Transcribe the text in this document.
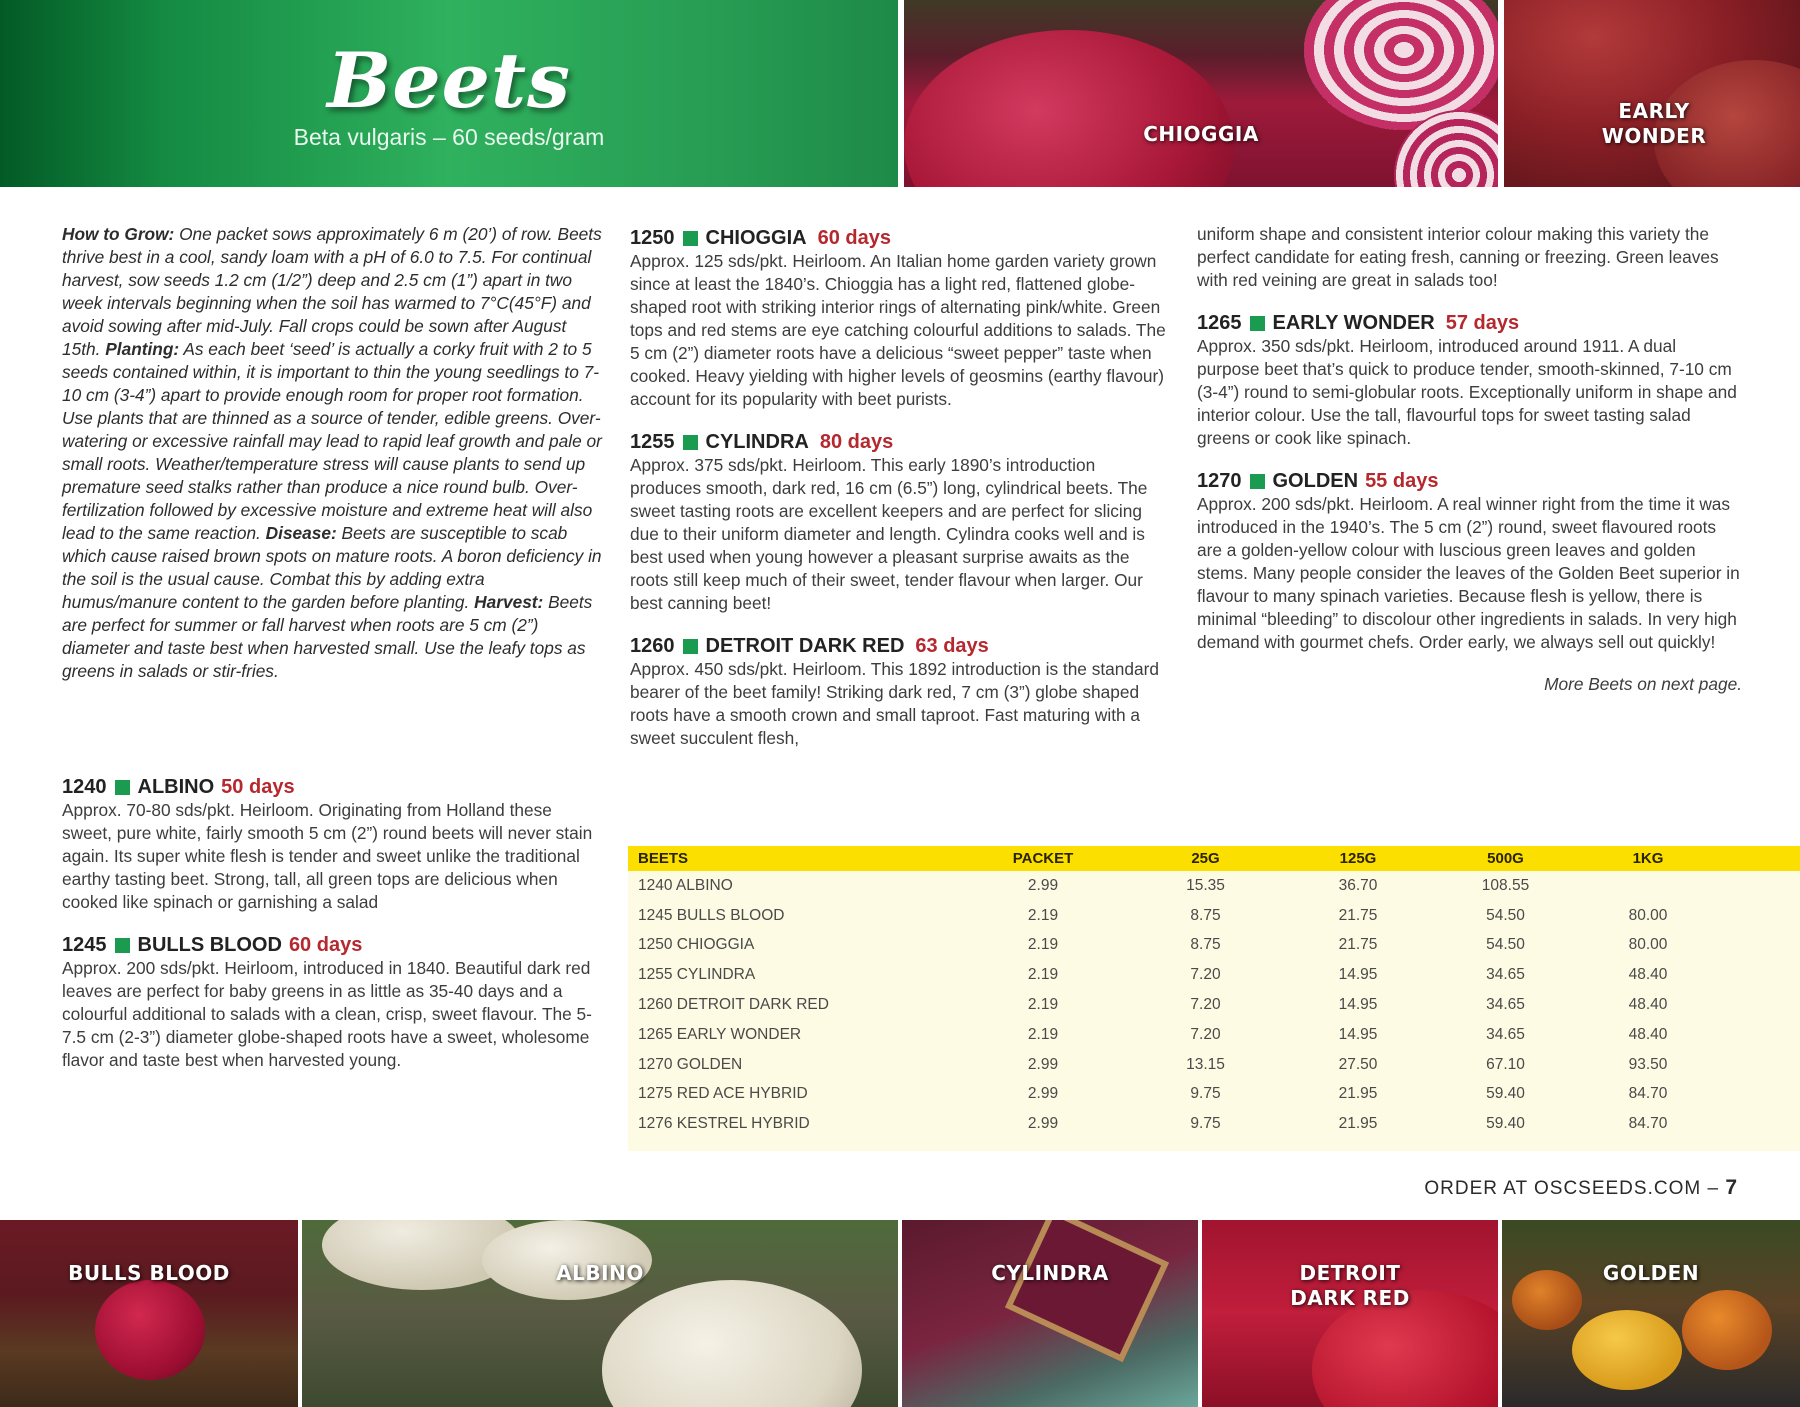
Beets
Beta vulgaris – 60 seeds/gram	CHIOGGIA
EARLY
WONDER
How to Grow: One packet sows approximately 6 m (20’) of row. Beets thrive best in a cool, sandy loam with a pH of 6.0 to 7.5. For continual harvest, sow seeds 1.2 cm (1/2”) deep and 2.5 cm (1”) apart in two week intervals beginning when the soil has warmed to 7°C(45°F) and avoid sowing after mid-July. Fall crops could be sown after August 15th. Planting: As each beet ‘seed’ is actually a corky fruit with 2 to 5 seeds contained within, it is important to thin the young seedlings to 7-10 cm (3-4”) apart to provide enough room for proper root formation. Use plants that are thinned as a source of tender, edible greens. Over-watering or excessive rainfall may lead to rapid leaf growth and pale or small roots. Weather/temperature stress will cause plants to send up premature seed stalks rather than produce a nice round bulb. Over-fertilization followed by excessive moisture and extreme heat will also lead to the same reaction. Disease: Beets are susceptible to scab which cause raised brown spots on mature roots. A boron deficiency in the soil is the usual cause. Combat this by adding extra humus/manure content to the garden before planting. Harvest: Beets are perfect for summer or fall harvest when roots are 5 cm (2”) diameter and taste best when harvested small. Use the leafy tops as greens in salads or stir-fries.
1240 ALBINO 50 days
Approx. 70-80 sds/pkt. Heirloom. Originating from Holland these sweet, pure white, fairly smooth 5 cm (2”) round beets will never stain again. Its super white flesh is tender and sweet unlike the traditional earthy tasting beet. Strong, tall, all green tops are delicious when cooked like spinach or garnishing a salad
1245 BULLS BLOOD 60 days
Approx. 200 sds/pkt. Heirloom, introduced in 1840. Beautiful dark red leaves are perfect for baby greens in as little as 35-40 days and a colourful additional to salads with a clean, crisp, sweet flavour. The 5-7.5 cm (2-3”) diameter globe-shaped roots have a sweet, wholesome flavor and taste best when harvested young.
1250 CHIOGGIA 60 days
Approx. 125 sds/pkt. Heirloom. An Italian home garden variety grown since at least the 1840’s. Chioggia has a light red, flattened globe-shaped root with striking interior rings of alternating pink/white. Green tops and red stems are eye catching colourful additions to salads. The 5 cm (2”) diameter roots have a delicious “sweet pepper” taste when cooked. Heavy yielding with higher levels of geosmins (earthy flavour) account for its popularity with beet purists.
1255 CYLINDRA 80 days
Approx. 375 sds/pkt. Heirloom. This early 1890’s introduction produces smooth, dark red, 16 cm (6.5”) long, cylindrical beets. The sweet tasting roots are excellent keepers and are perfect for slicing due to their uniform diameter and length. Cylindra cooks well and is best used when young however a pleasant surprise awaits as the roots still keep much of their sweet, tender flavour when larger. Our best canning beet!
1260 DETROIT DARK RED 63 days
Approx. 450 sds/pkt. Heirloom. This 1892 introduction is the standard bearer of the beet family! Striking dark red, 7 cm (3”) globe shaped roots have a smooth crown and small taproot. Fast maturing with a sweet succulent flesh,
uniform shape and consistent interior colour making this variety the perfect candidate for eating fresh, canning or freezing. Green leaves with red veining are great in salads too!
1265 EARLY WONDER 57 days
Approx. 350 sds/pkt. Heirloom, introduced around 1911. A dual purpose beet that’s quick to produce tender, smooth-skinned, 7-10 cm (3-4”) round to semi-globular roots. Exceptionally uniform in shape and interior colour. Use the tall, flavourful tops for sweet tasting salad greens or cook like spinach.
1270 GOLDEN 55 days
Approx. 200 sds/pkt. Heirloom. A real winner right from the time it was introduced in the 1940’s. The 5 cm (2”) round, sweet flavoured roots are a golden-yellow colour with luscious green leaves and golden stems. Many people consider the leaves of the Golden Beet superior in flavour to many spinach varieties. Because flesh is yellow, there is minimal “bleeding” to discolour other ingredients in salads. In very high demand with gourmet chefs. Order early, we always sell out quickly!
More Beets on next page.
BEETS	PACKET	25G	125G	500G	1KG
1240 ALBINO	2.99	15.35	36.70	108.55
1245 BULLS BLOOD	2.19	8.75	21.75	54.50	80.00
1250 CHIOGGIA	2.19	8.75	21.75	54.50	80.00
1255 CYLINDRA	2.19	7.20	14.95	34.65	48.40
1260 DETROIT DARK RED	2.19	7.20	14.95	34.65	48.40
1265 EARLY WONDER	2.19	7.20	14.95	34.65	48.40
1270 GOLDEN	2.99	13.15	27.50	67.10	93.50
1275 RED ACE HYBRID	2.99	9.75	21.95	59.40	84.70
1276 KESTREL HYBRID	2.99	9.75	21.95	59.40	84.70
ORDER AT OSCSEEDS.COM – 7
BULLS BLOOD	ALBINO	CYLINDRA	DETROIT
DARK RED
GOLDEN
